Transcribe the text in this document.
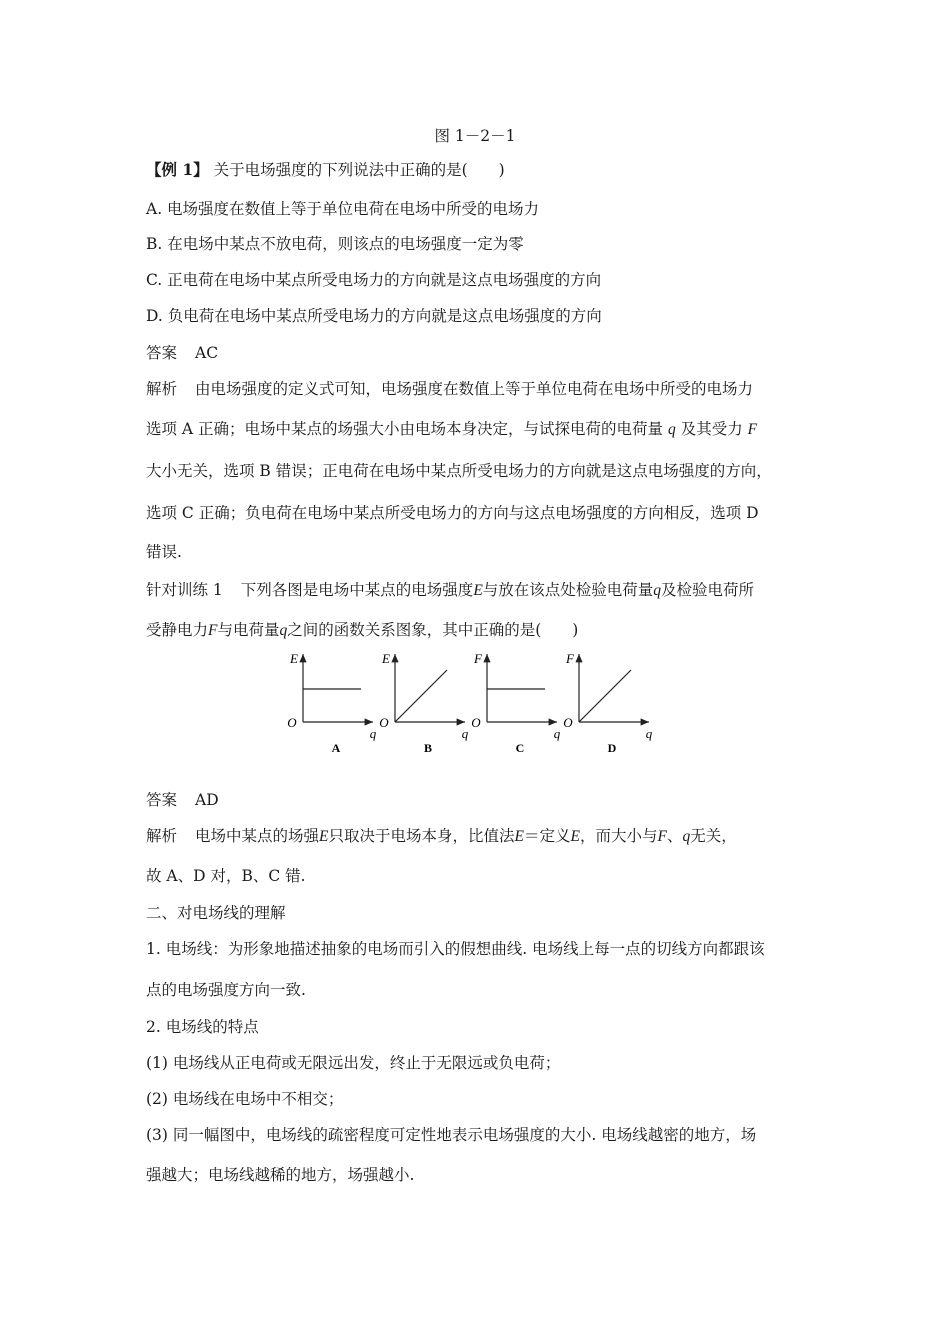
图 1－2－1
【例 1】 关于电场强度的下列说法中正确的是(　　)
A. 电场强度在数值上等于单位电荷在电场中所受的电场力
B. 在电场中某点不放电荷，则该点的电场强度一定为零
C. 正电荷在电场中某点所受电场力的方向就是这点电场强度的方向
D. 负电荷在电场中某点所受电场力的方向就是这点电场强度的方向
答案 AC
解析 由电场强度的定义式可知，电场强度在数值上等于单位电荷在电场中所受的电场力
选项 A 正确；电场中某点的场强大小由电场本身决定，与试探电荷的电荷量 q 及其受力 F
大小无关，选项 B 错误；正电荷在电场中某点所受电场力的方向就是这点电场强度的方向，
选项 C 正确；负电荷在电场中某点所受电场力的方向与这点电场强度的方向相反，选项 D
错误.
针对训练 1 下列各图是电场中某点的电场强度E与放在该点处检验电荷量q及检验电荷所
受静电力F与电荷量q之间的函数关系图象，其中正确的是(　　)
E
O
q
A
E
O
q
B
F
O
q
C
F
O
q
D
答案 AD
解析 电场中某点的场强E只取决于电场本身，比值法E＝定义E，而大小与F、q无关，
故 A、D 对，B、C 错.
二、对电场线的理解
1. 电场线：为形象地描述抽象的电场而引入的假想曲线. 电场线上每一点的切线方向都跟该
点的电场强度方向一致.
2. 电场线的特点
(1) 电场线从正电荷或无限远出发，终止于无限远或负电荷；
(2) 电场线在电场中不相交；
(3) 同一幅图中，电场线的疏密程度可定性地表示电场强度的大小. 电场线越密的地方，场
强越大；电场线越稀的地方，场强越小.
